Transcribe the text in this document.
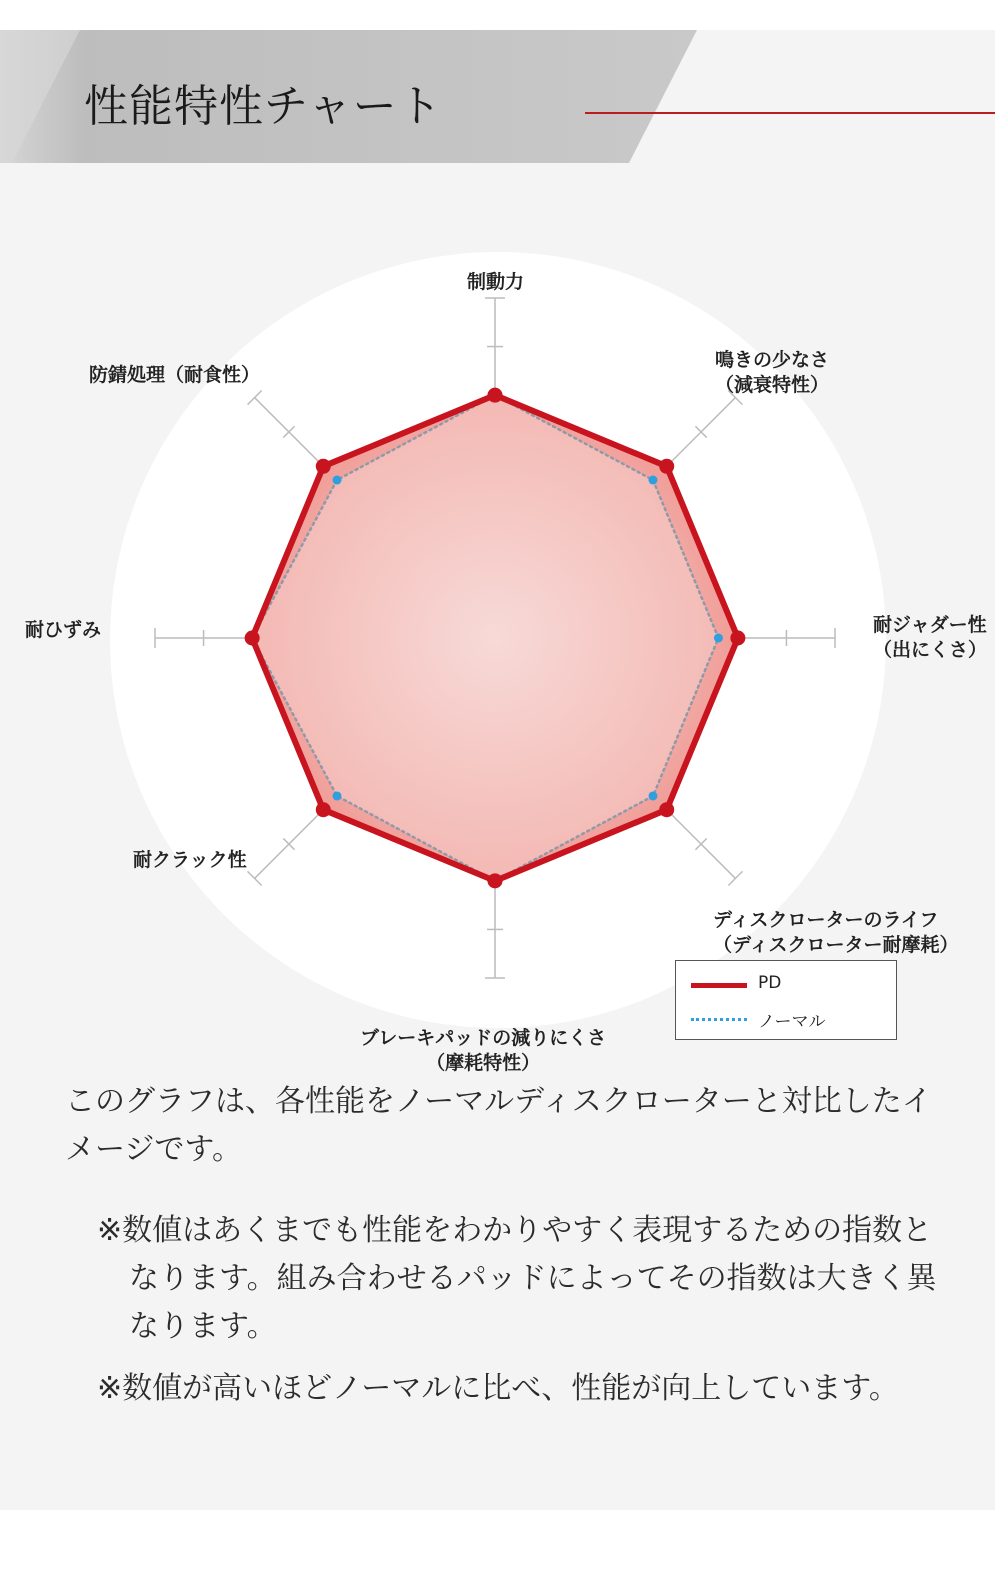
性能特性チャート
制動力
鳴きの少なさ
（減衰特性）
耐ジャダー性
（出にくさ）
ディスクローターのライフ
（ディスクローター耐摩耗）
ブレーキパッドの減りにくさ
（摩耗特性）
耐クラック性
耐ひずみ
防錆処理（耐食性）
PD
ノーマル
このグラフは、各性能をノーマルディスクローターと対比したイメージです。
※数値はあくまでも性能をわかりやすく表現するための指数となります。組み合わせるパッドによってその指数は大きく異なります。
※数値が高いほどノーマルに比べ、性能が向上しています。
